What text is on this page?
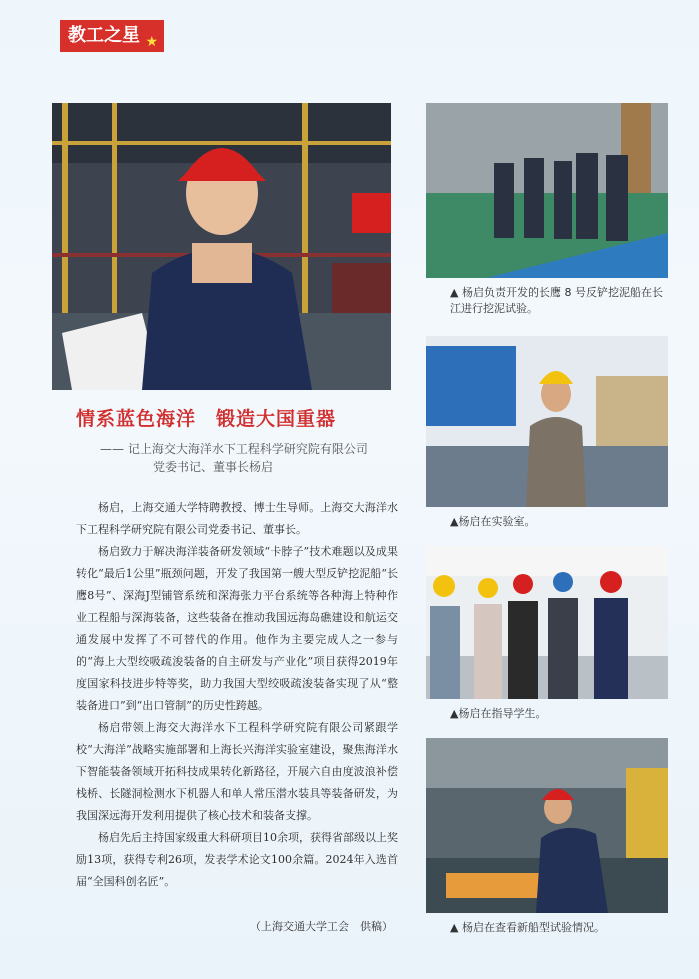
教工之星 ★
▲ 杨启负责开发的长鹰 8 号反铲挖泥船在长江进行挖泥试验。
▲杨启在实验室。
▲杨启在指导学生。
▲ 杨启在查看新船型试验情况。
情系蓝色海洋　锻造大国重器
—— 记上海交大海洋水下工程科学研究院有限公司
党委书记、董事长杨启

杨启，上海交通大学特聘教授、博士生导师。上海交大海洋水下工程科学研究院有限公司党委书记、董事长。

杨启致力于解决海洋装备研发领域“卡脖子”技术难题以及成果转化“最后1公里”瓶颈问题，开发了我国第一艘大型反铲挖泥船“长鹰8号”、深海J型铺管系统和深海张力平台系统等各种海上特种作业工程船与深海装备，这些装备在推动我国远海岛礁建设和航运交通发展中发挥了不可替代的作用。他作为主要完成人之一参与的“海上大型绞吸疏浚装备的自主研发与产业化”项目获得2019年度国家科技进步特等奖，助力我国大型绞吸疏浚装备实现了从“整装备进口”到“出口管制”的历史性跨越。

杨启带领上海交大海洋水下工程科学研究院有限公司紧跟学校“大海洋”战略实施部署和上海长兴海洋实验室建设，聚焦海洋水下智能装备领域开拓科技成果转化新路径，开展六自由度波浪补偿栈桥、长隧洞检测水下机器人和单人常压潜水装具等装备研发，为我国深远海开发利用提供了核心技术和装备支撑。

杨启先后主持国家级重大科研项目10余项，获得省部级以上奖励13项，获得专利26项，发表学术论文100余篇。2024年入选首届“全国科创名匠”。

（上海交通大学工会　供稿）
